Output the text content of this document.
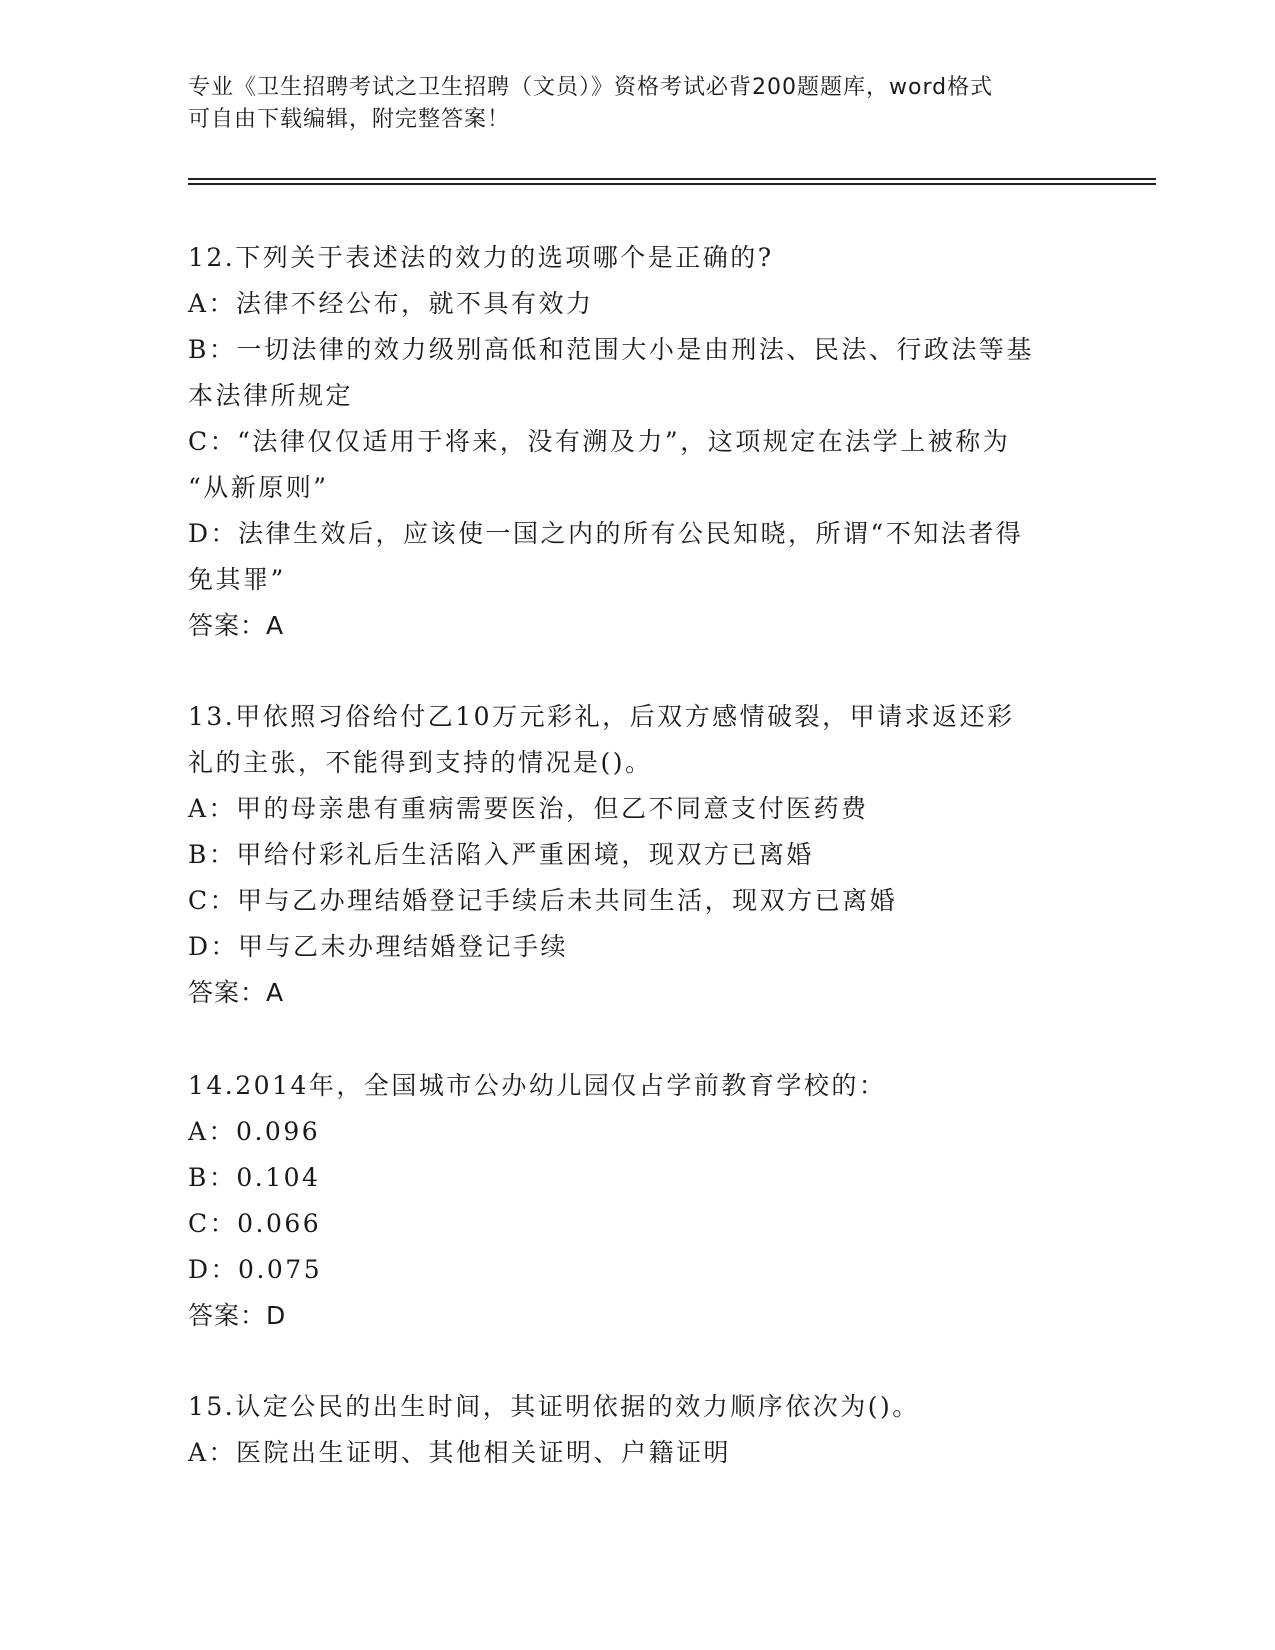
专业《卫生招聘考试之卫生招聘（文员）》资格考试必背200题题库，word格式
可自由下载编辑，附完整答案！
12.下列关于表述法的效力的选项哪个是正确的?
A：法律不经公布，就不具有效力
B：一切法律的效力级别高低和范围大小是由刑法、民法、行政法等基
本法律所规定
C：“法律仅仅适用于将来，没有溯及力”，这项规定在法学上被称为
“从新原则”
D：法律生效后，应该使一国之内的所有公民知晓，所谓“不知法者得
免其罪”
答案：A
13.甲依照习俗给付乙10万元彩礼，后双方感情破裂，甲请求返还彩
礼的主张，不能得到支持的情况是()。
A：甲的母亲患有重病需要医治，但乙不同意支付医药费
B：甲给付彩礼后生活陷入严重困境，现双方已离婚
C：甲与乙办理结婚登记手续后未共同生活，现双方已离婚
D：甲与乙未办理结婚登记手续
答案：A
14.2014年，全国城市公办幼儿园仅占学前教育学校的：
A：0.096
B：0.104
C：0.066
D：0.075
答案：D
15.认定公民的出生时间，其证明依据的效力顺序依次为()。
A：医院出生证明、其他相关证明、户籍证明
